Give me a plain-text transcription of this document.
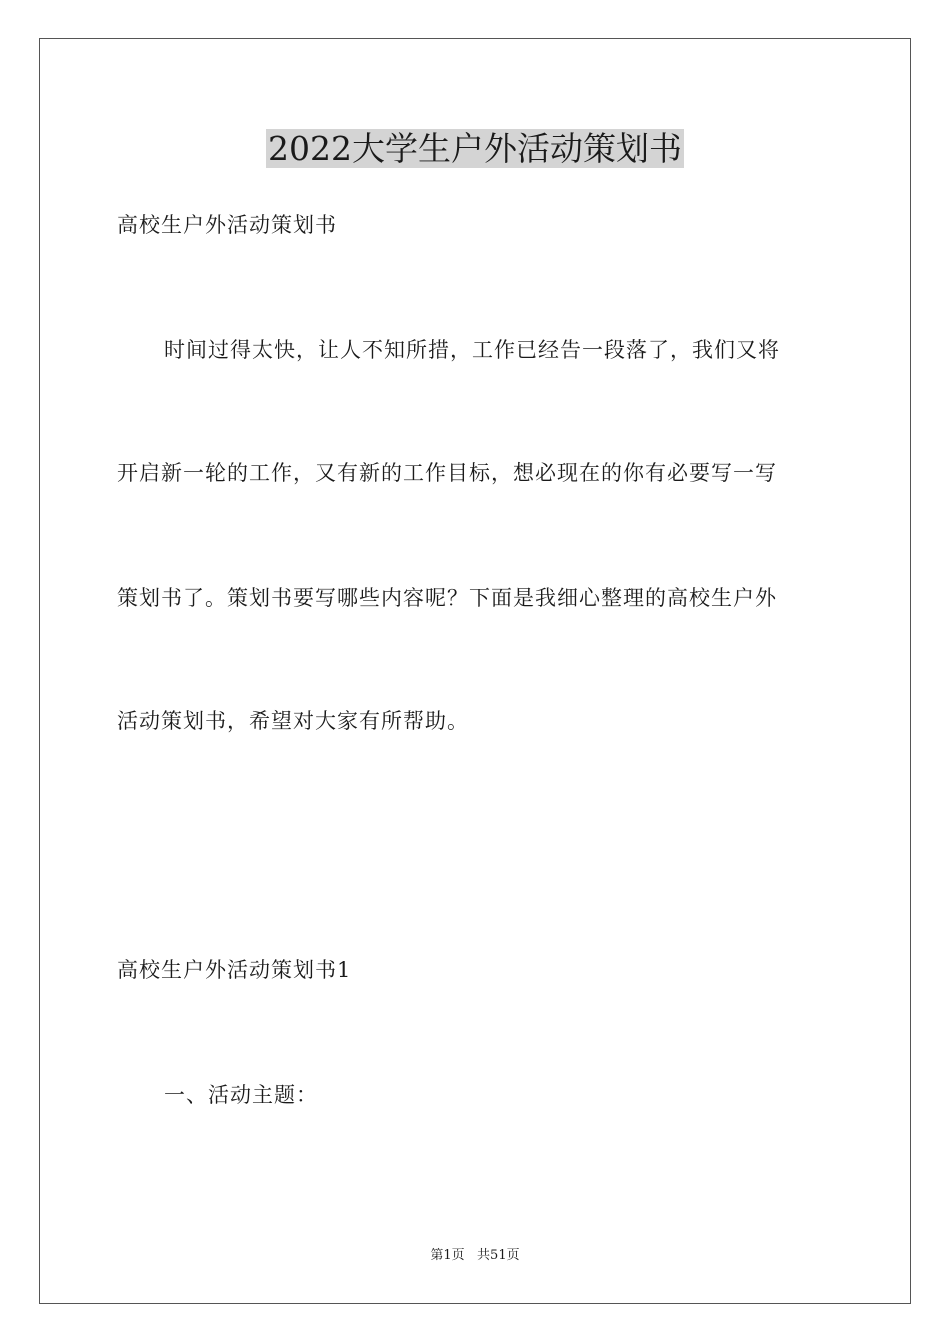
2022大学生户外活动策划书

高校生户外活动策划书

时间过得太快，让人不知所措，工作已经告一段落了，我们又将

开启新一轮的工作，又有新的工作目标，想必现在的你有必要写一写

策划书了。策划书要写哪些内容呢？下面是我细心整理的高校生户外

活动策划书，希望对大家有所帮助。

高校生户外活动策划书1

一、活动主题：

第1页   共51页
